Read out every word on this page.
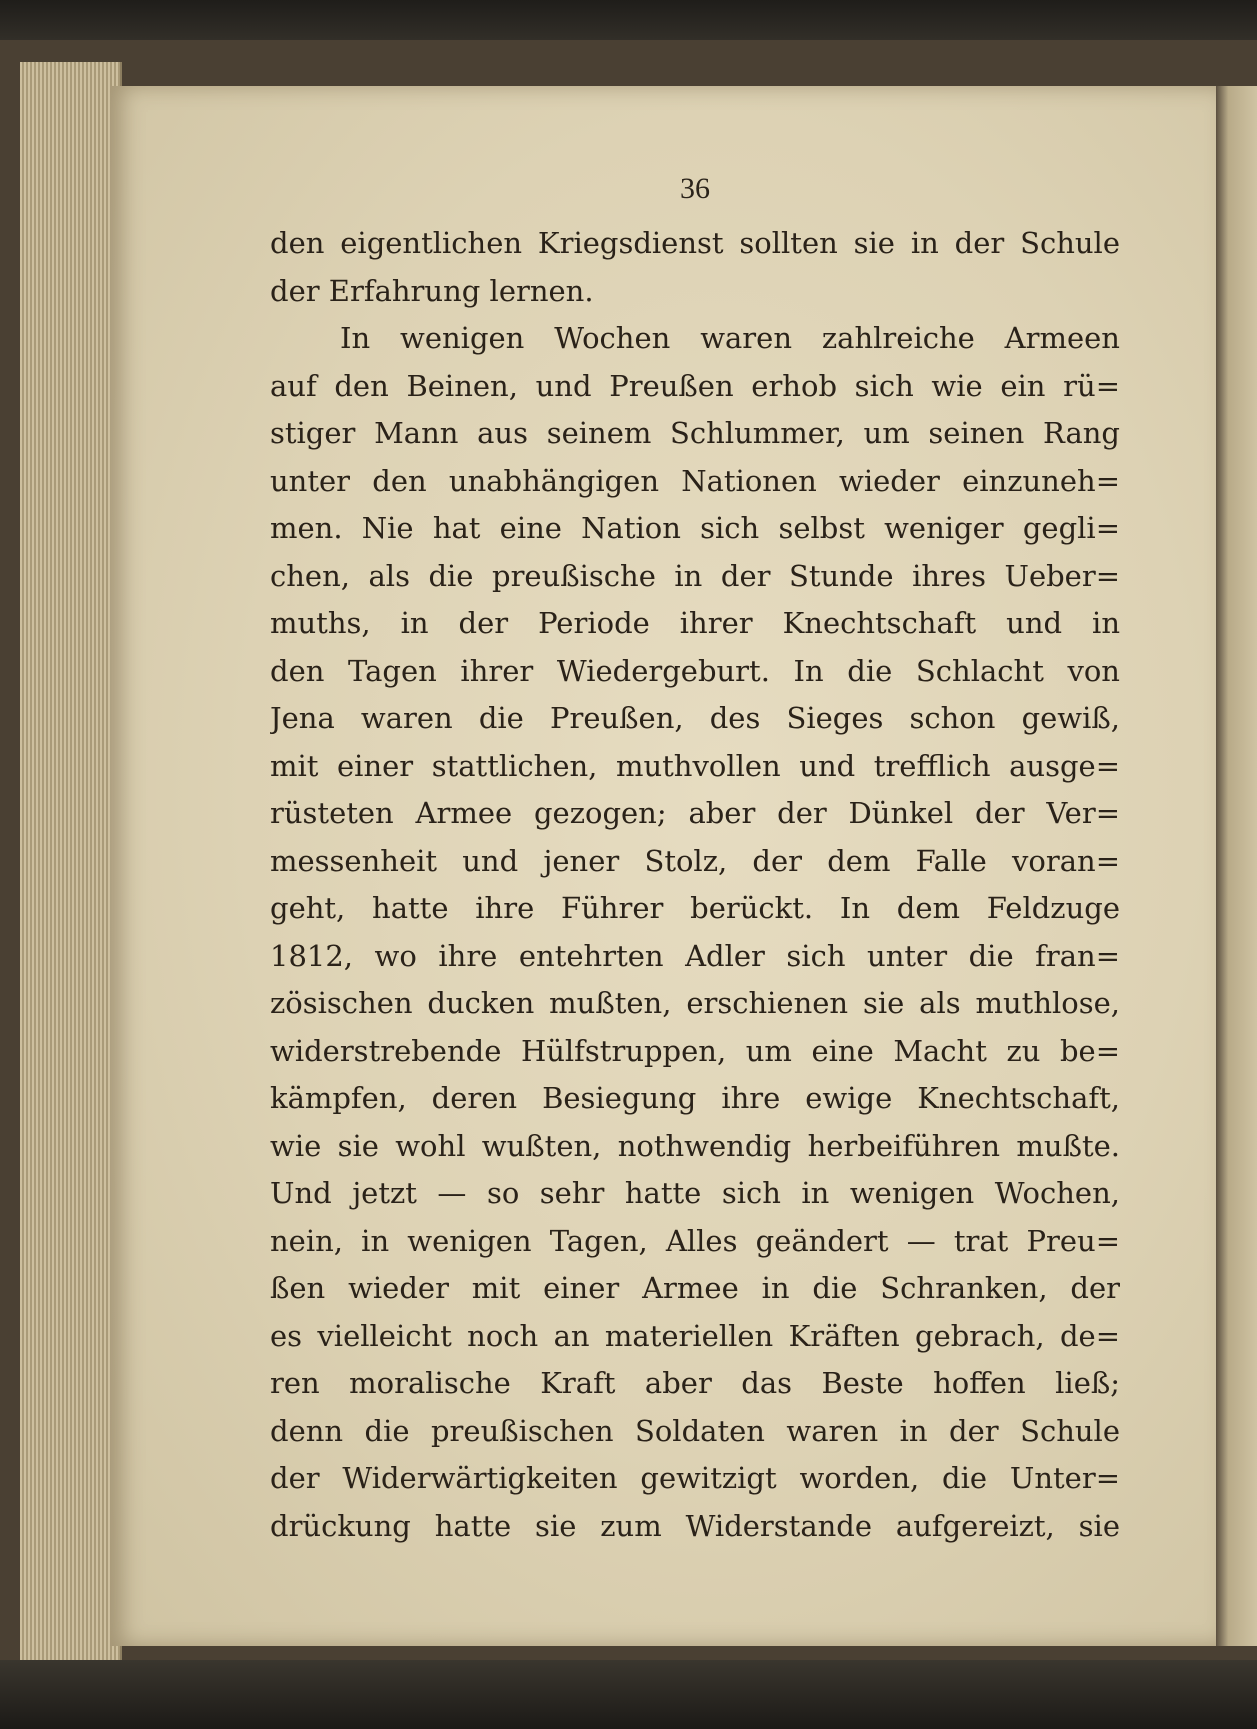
36
den eigentlichen Kriegsdienst sollten sie in der Schule
der Erfahrung lernen.
In wenigen Wochen waren zahlreiche Armeen
auf den Beinen, und Preußen erhob sich wie ein rü=
stiger Mann aus seinem Schlummer, um seinen Rang
unter den unabhängigen Nationen wieder einzuneh=
men. Nie hat eine Nation sich selbst weniger gegli=
chen, als die preußische in der Stunde ihres Ueber=
muths, in der Periode ihrer Knechtschaft und in
den Tagen ihrer Wiedergeburt. In die Schlacht von
Jena waren die Preußen, des Sieges schon gewiß,
mit einer stattlichen, muthvollen und trefflich ausge=
rüsteten Armee gezogen; aber der Dünkel der Ver=
messenheit und jener Stolz, der dem Falle voran=
geht, hatte ihre Führer berückt. In dem Feldzuge
1812, wo ihre entehrten Adler sich unter die fran=
zösischen ducken mußten, erschienen sie als muthlose,
widerstrebende Hülfstruppen, um eine Macht zu be=
kämpfen, deren Besiegung ihre ewige Knechtschaft,
wie sie wohl wußten, nothwendig herbeiführen mußte.
Und jetzt — so sehr hatte sich in wenigen Wochen,
nein, in wenigen Tagen, Alles geändert — trat Preu=
ßen wieder mit einer Armee in die Schranken, der
es vielleicht noch an materiellen Kräften gebrach, de=
ren moralische Kraft aber das Beste hoffen ließ;
denn die preußischen Soldaten waren in der Schule
der Widerwärtigkeiten gewitzigt worden, die Unter=
drückung hatte sie zum Widerstande aufgereizt, sie
